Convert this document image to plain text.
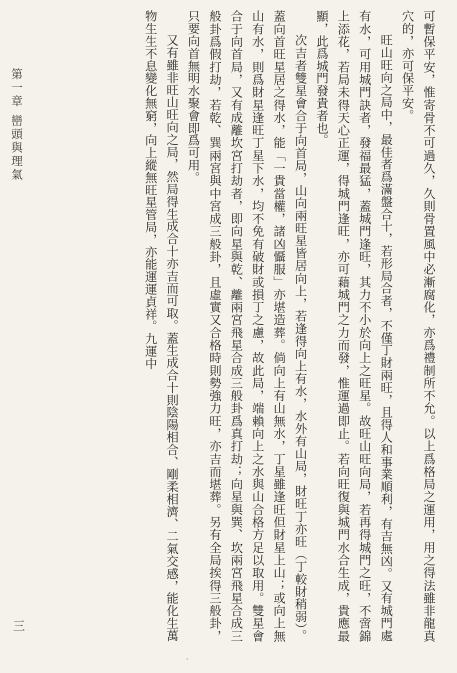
可暫保平安，惟寄骨不可過久，久則骨置風中必漸腐化，亦爲禮制所不允。以上爲格局之運用，用之得法雖非龍真穴的，亦可保平安。

旺山旺向之局中，最佳者爲滿盤合十，若形局合者，不僅丁財兩旺，且得人和事業順利，有吉無凶。又有城門處有水，可用城門訣者，發福最猛，蓋城門逢旺，其力不小於向上之旺星。故旺山旺向局，若再得城門之旺，不啻錦上添花，若局未得天心正運，得城門逢旺，亦可藉城門之力而發，惟運過即止。若向旺復與城門水合生成，貴應最顯，此爲城門發貴者也。

次吉者雙星會合于向首局，山向兩旺星皆居向上，若逢得向上有水，水外有山局，財旺丁亦旺（丁較財稍弱）。蓋向首旺星居之得水，能「一貴當權，諸凶懾服」亦堪造葬。倘向上有山無水，丁星雖逢旺但財星上山；或向上無山有水，則爲財星逢旺丁星下水，均不免有破財或損丁之慮，故此局，端賴向上之水與山合格方足以取用。雙星會合于向首局，又有成離坎宮打劫者，即向星與乾、離兩宮飛星合成三般卦爲真打劫；向星與巽、坎兩宮飛星合成三般卦爲假打劫，若乾、巽兩宮與中宮成三般卦，且虛實又合格時則勢強力旺，亦吉而堪葬。另有全局挨得三般卦，只要向首無明水聚會即爲可用。

又有雖非旺山旺向之局，然局得生成合十亦吉而可取。蓋生成合十則陰陽相合、剛柔相濟、二氣交感，能化生萬物生生不息變化無窮，向上縱無旺星管局，亦能運運貞祥。九運中

第一章 巒頭與理氣
三
·
